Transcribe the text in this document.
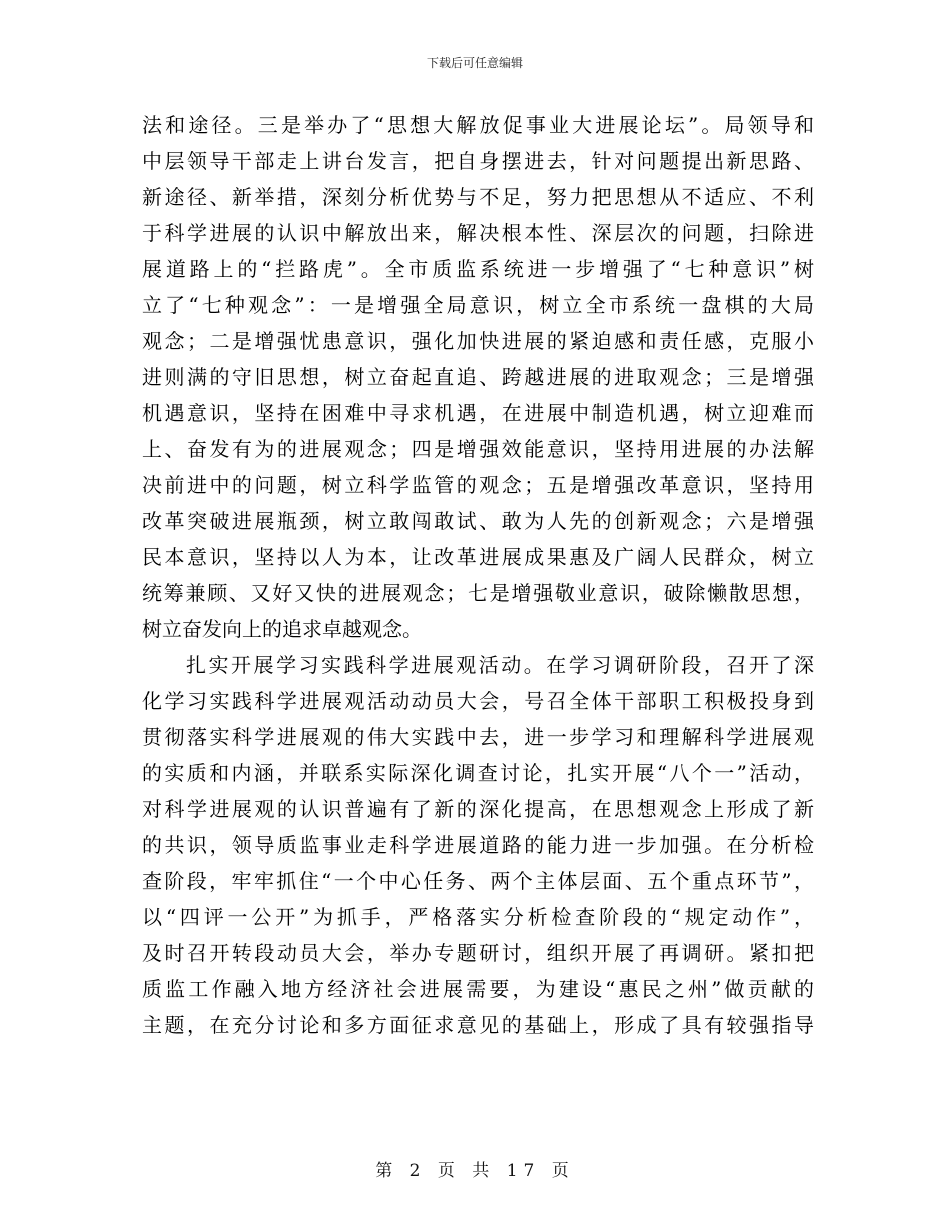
下载后可任意编辑
法和途径。三是举办了“思想大解放促事业大进展论坛”。局领导和
中层领导干部走上讲台发言，把自身摆进去，针对问题提出新思路、
新途径、新举措，深刻分析优势与不足，努力把思想从不适应、不利
于科学进展的认识中解放出来，解决根本性、深层次的问题，扫除进
展道路上的“拦路虎”。全市质监系统进一步增强了“七种意识”树
立了“七种观念”：一是增强全局意识，树立全市系统一盘棋的大局
观念；二是增强忧患意识，强化加快进展的紧迫感和责任感，克服小
进则满的守旧思想，树立奋起直追、跨越进展的进取观念；三是增强
机遇意识，坚持在困难中寻求机遇，在进展中制造机遇，树立迎难而
上、奋发有为的进展观念；四是增强效能意识，坚持用进展的办法解
决前进中的问题，树立科学监管的观念；五是增强改革意识，坚持用
改革突破进展瓶颈，树立敢闯敢试、敢为人先的创新观念；六是增强
民本意识，坚持以人为本，让改革进展成果惠及广阔人民群众，树立
统筹兼顾、又好又快的进展观念；七是增强敬业意识，破除懒散思想，
树立奋发向上的追求卓越观念。
扎实开展学习实践科学进展观活动。在学习调研阶段，召开了深
化学习实践科学进展观活动动员大会，号召全体干部职工积极投身到
贯彻落实科学进展观的伟大实践中去，进一步学习和理解科学进展观
的实质和内涵，并联系实际深化调查讨论，扎实开展“八个一”活动，
对科学进展观的认识普遍有了新的深化提高，在思想观念上形成了新
的共识，领导质监事业走科学进展道路的能力进一步加强。在分析检
查阶段，牢牢抓住“一个中心任务、两个主体层面、五个重点环节”，
以“四评一公开”为抓手，严格落实分析检查阶段的“规定动作”，
及时召开转段动员大会，举办专题研讨，组织开展了再调研。紧扣把
质监工作融入地方经济社会进展需要，为建设“惠民之州”做贡献的
主题，在充分讨论和多方面征求意见的基础上，形成了具有较强指导
第 2 页 共 17 页
